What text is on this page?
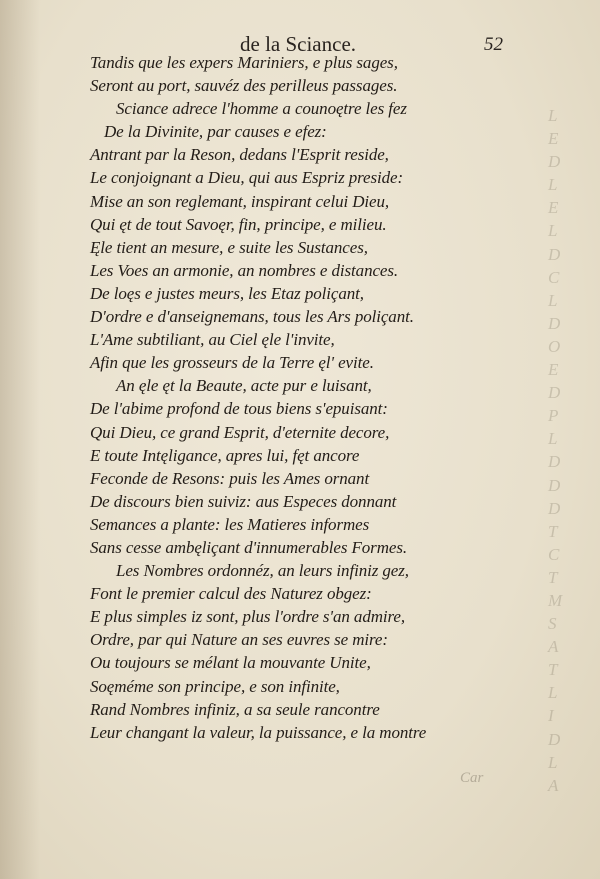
de la Sciance.	52
Tandis que les expers Mariniers, e plus sages,
Seront au port, sauvéz des perilleus passages.
Sciance adrece l'homme a counoętre les fez
De la Divinite, par causes e efez:
Antrant par la Reson, dedans l'Esprit reside,
Le conjoignant a Dieu, qui aus Espriz preside:
Mise an son reglemant, inspirant celui Dieu,
Qui ęt de tout Savoęr, fin, principe, e milieu.
Ęle tient an mesure, e suite les Sustances,
Les Voes an armonie, an nombres e distances.
De loęs e justes meurs, les Etaz poliçant,
D'ordre e d'anseignemans, tous les Ars poliçant.
L'Ame subtiliant, au Ciel ęle l'invite,
Afin que les grosseurs de la Terre ęl' evite.
An ęle ęt la Beaute, acte pur e luisant,
De l'abime profond de tous biens s'epuisant:
Qui Dieu, ce grand Esprit, d'eternite decore,
E toute Intęligance, apres lui, fęt ancore
Feconde de Resons: puis les Ames ornant
De discours bien suiviz: aus Especes donnant
Semances a plante: les Matieres informes
Sans cesse ambęliçant d'innumerables Formes.
Les Nombres ordonnéz, an leurs infiniz gez,
Font le premier calcul des Naturez obgez:
E plus simples iz sont, plus l'ordre s'an admire,
Ordre, par qui Nature an ses euvres se mire:
Ou toujours se mélant la mouvante Unite,
Soęméme son principe, e son infinite,
Rand Nombres infiniz, a sa seule rancontre
Leur changant la valeur, la puissance, e la montre
L
E
D
L
E
L
D
C
L
D
O
E
D
P
L
D
D
D
T
C
T
M
S
A
T
L
I
D
L
A
Car
